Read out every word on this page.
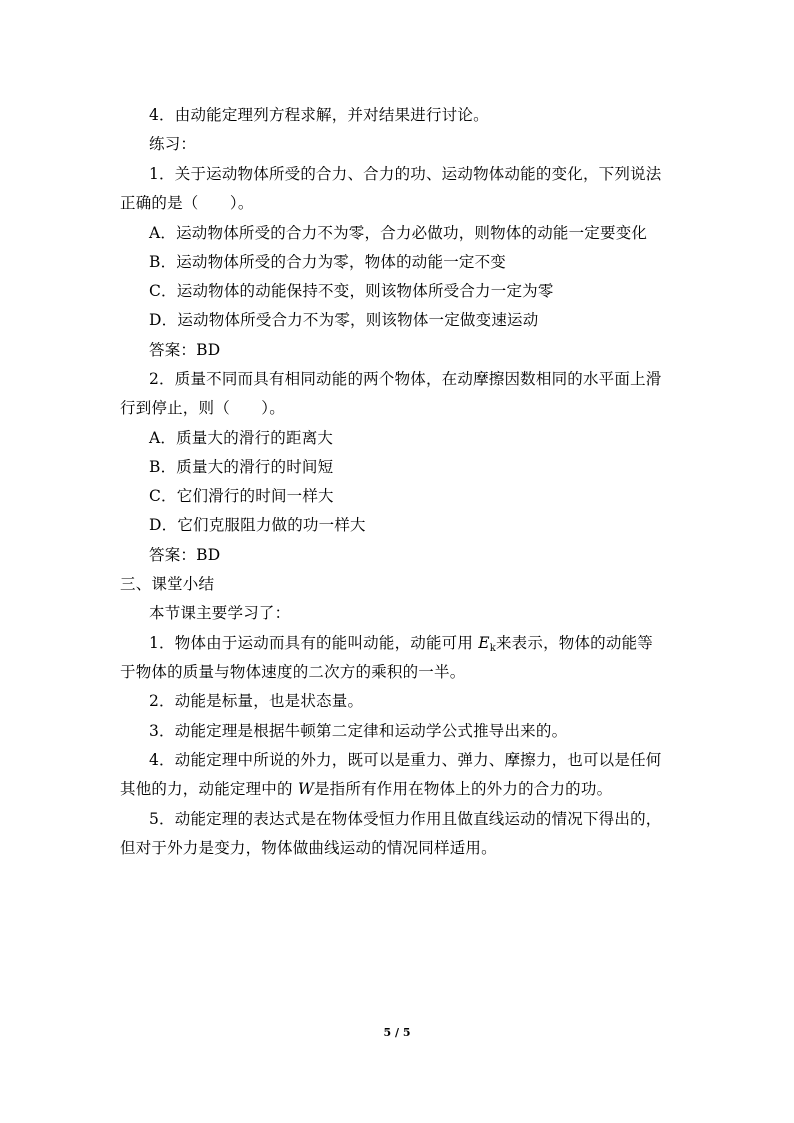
4．由动能定理列方程求解，并对结果进行讨论。
练习：
1．关于运动物体所受的合力、合力的功、运动物体动能的变化，下列说法
正确的是（　　）。
A．运动物体所受的合力不为零，合力必做功，则物体的动能一定要变化
B．运动物体所受的合力为零，物体的动能一定不变
C．运动物体的动能保持不变，则该物体所受合力一定为零
D．运动物体所受合力不为零，则该物体一定做变速运动
答案：BD
2．质量不同而具有相同动能的两个物体，在动摩擦因数相同的水平面上滑
行到停止，则（　　）。
A．质量大的滑行的距离大
B．质量大的滑行的时间短
C．它们滑行的时间一样大
D．它们克服阻力做的功一样大
答案：BD
三、课堂小结
本节课主要学习了：
1．物体由于运动而具有的能叫动能，动能可用 $E_k$来表示，物体的动能等
于物体的质量与物体速度的二次方的乘积的一半。
2．动能是标量，也是状态量。
3．动能定理是根据牛顿第二定律和运动学公式推导出来的。
4．动能定理中所说的外力，既可以是重力、弹力、摩擦力，也可以是任何
其他的力，动能定理中的 W是指所有作用在物体上的外力的合力的功。
5．动能定理的表达式是在物体受恒力作用且做直线运动的情况下得出的，
但对于外力是变力，物体做曲线运动的情况同样适用。
5 / 5
